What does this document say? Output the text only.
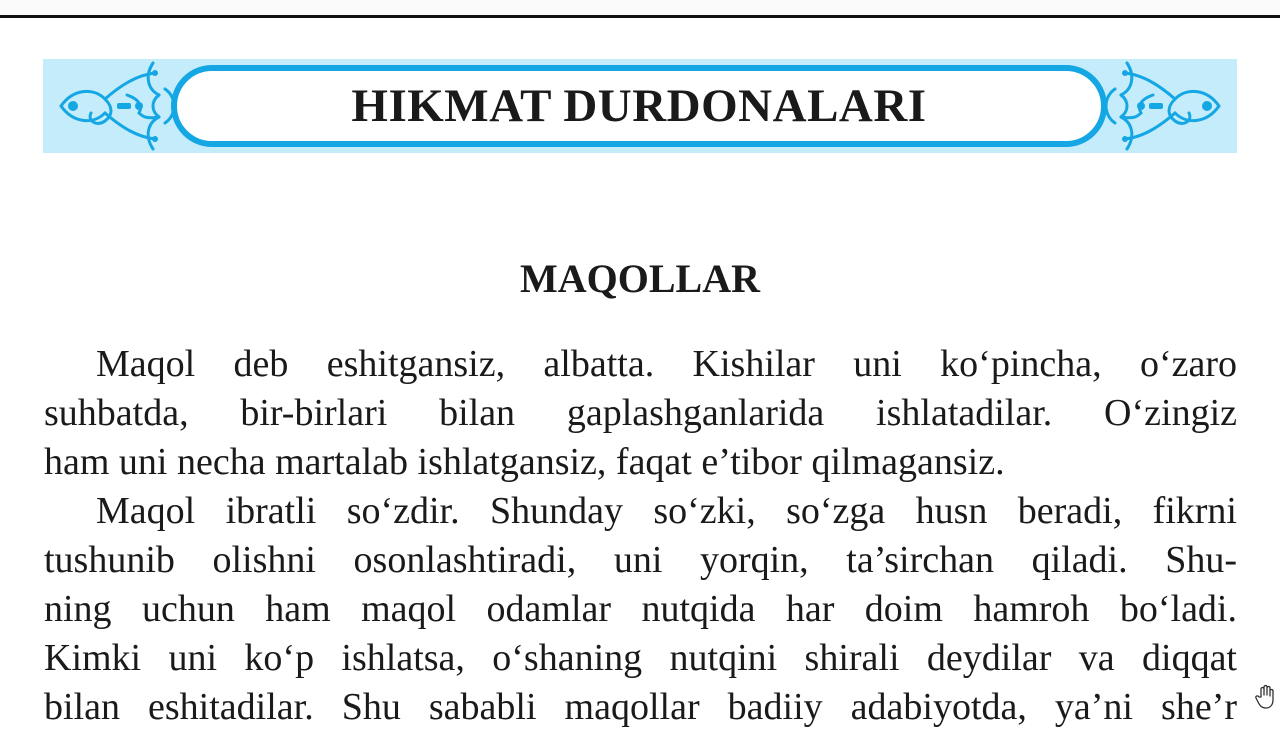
HIKMAT DURDONALARI
MAQOLLAR
Maqol deb eshitgansiz, albatta. Kishilar uni ko‘pincha, o‘zaro
suhbatda, bir-birlari bilan gaplashganlarida ishlatadilar. O‘zingiz
ham uni necha martalab ishlatgansiz, faqat e’tibor qilmagansiz.
Maqol ibratli so‘zdir. Shunday so‘zki, so‘zga husn beradi, fikrni
tushunib olishni osonlashtiradi, uni yorqin, ta’sirchan qiladi. Shu-
ning uchun ham maqol odamlar nutqida har doim hamroh bo‘ladi.
Kimki uni ko‘p ishlatsa, o‘shaning nutqini shirali deydilar va diqqat
bilan eshitadilar. Shu sababli maqollar badiiy adabiyotda, ya’ni she’r
